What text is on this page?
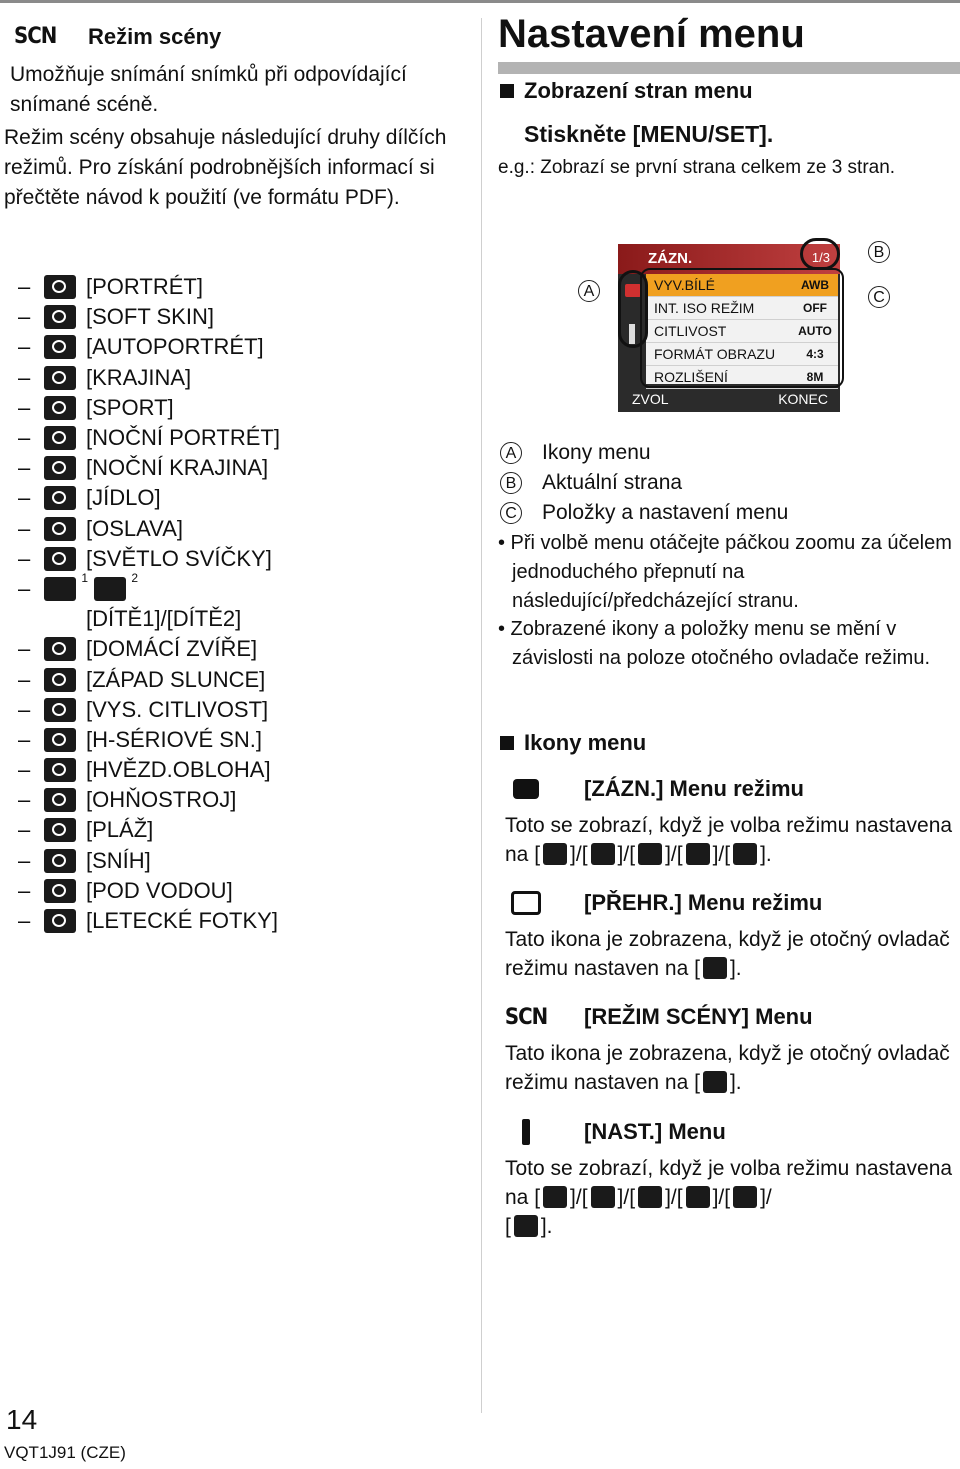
SCN Režim scény
Umožňuje snímání snímků při odpovídající snímané scéně.
Režim scény obsahuje následující druhy dílčích režimů. Pro získání podrobnějších informací si přečtěte návod k použití (ve formátu PDF).
–	[PORTRÉT]
–	[SOFT SKIN]
–	[AUTOPORTRÉT]
–	[KRAJINA]
–	[SPORT]
–	[NOČNÍ PORTRÉT]
–	[NOČNÍ KRAJINA]
–	[JÍDLO]
–	[OSLAVA]
–	[SVĚTLO SVÍČKY]
–	1	2
[DÍTĚ1]/[DÍTĚ2]
–	[DOMÁCÍ ZVÍŘE]
–	[ZÁPAD SLUNCE]
–	[VYS. CITLIVOST]
–	[H-SÉRIOVÉ SN.]
–	[HVĚZD.OBLOHA]
–	[OHŇOSTROJ]
–	[PLÁŽ]
–	[SNÍH]
–	[POD VODOU]
–	[LETECKÉ FOTKY]
14
VQT1J91 (CZE)
Nastavení menu
Zobrazení stran menu
Stiskněte [MENU/SET].
e.g.: Zobrazí se první strana celkem ze 3 stran.
ZÁZN.	1/3
VYV.BÍLÉ	AWB
INT. ISO REŽIM	OFF
CITLIVOST	AUTO
FORMÁT OBRAZU	4:3
ROZLIŠENÍ	8M
ZVOL	KONEC
A
B
C
A Ikony menu
B Aktuální strana
C Položky a nastavení menu
• Při volbě menu otáčejte páčkou zoomu za účelem jednoduchého přepnutí na následující/předcházející stranu.
• Zobrazené ikony a položky menu se mění v závislosti na poloze otočného ovladače režimu.
Ikony menu
[ZÁZN.] Menu režimu
Toto se zobrazí, když je volba režimu nastavena na [ ]/[ ]/[ ]/[ ]/[ ].
[PŘEHR.] Menu režimu
Tato ikona je zobrazena, když je otočný ovladač režimu nastaven na [ ].
SCN [REŽIM SCÉNY] Menu
Tato ikona je zobrazena, když je otočný ovladač režimu nastaven na [ ].
[NAST.] Menu
Toto se zobrazí, když je volba režimu nastavena na [ ]/[ ]/[ ]/[ ]/[ ]/
[ ].
